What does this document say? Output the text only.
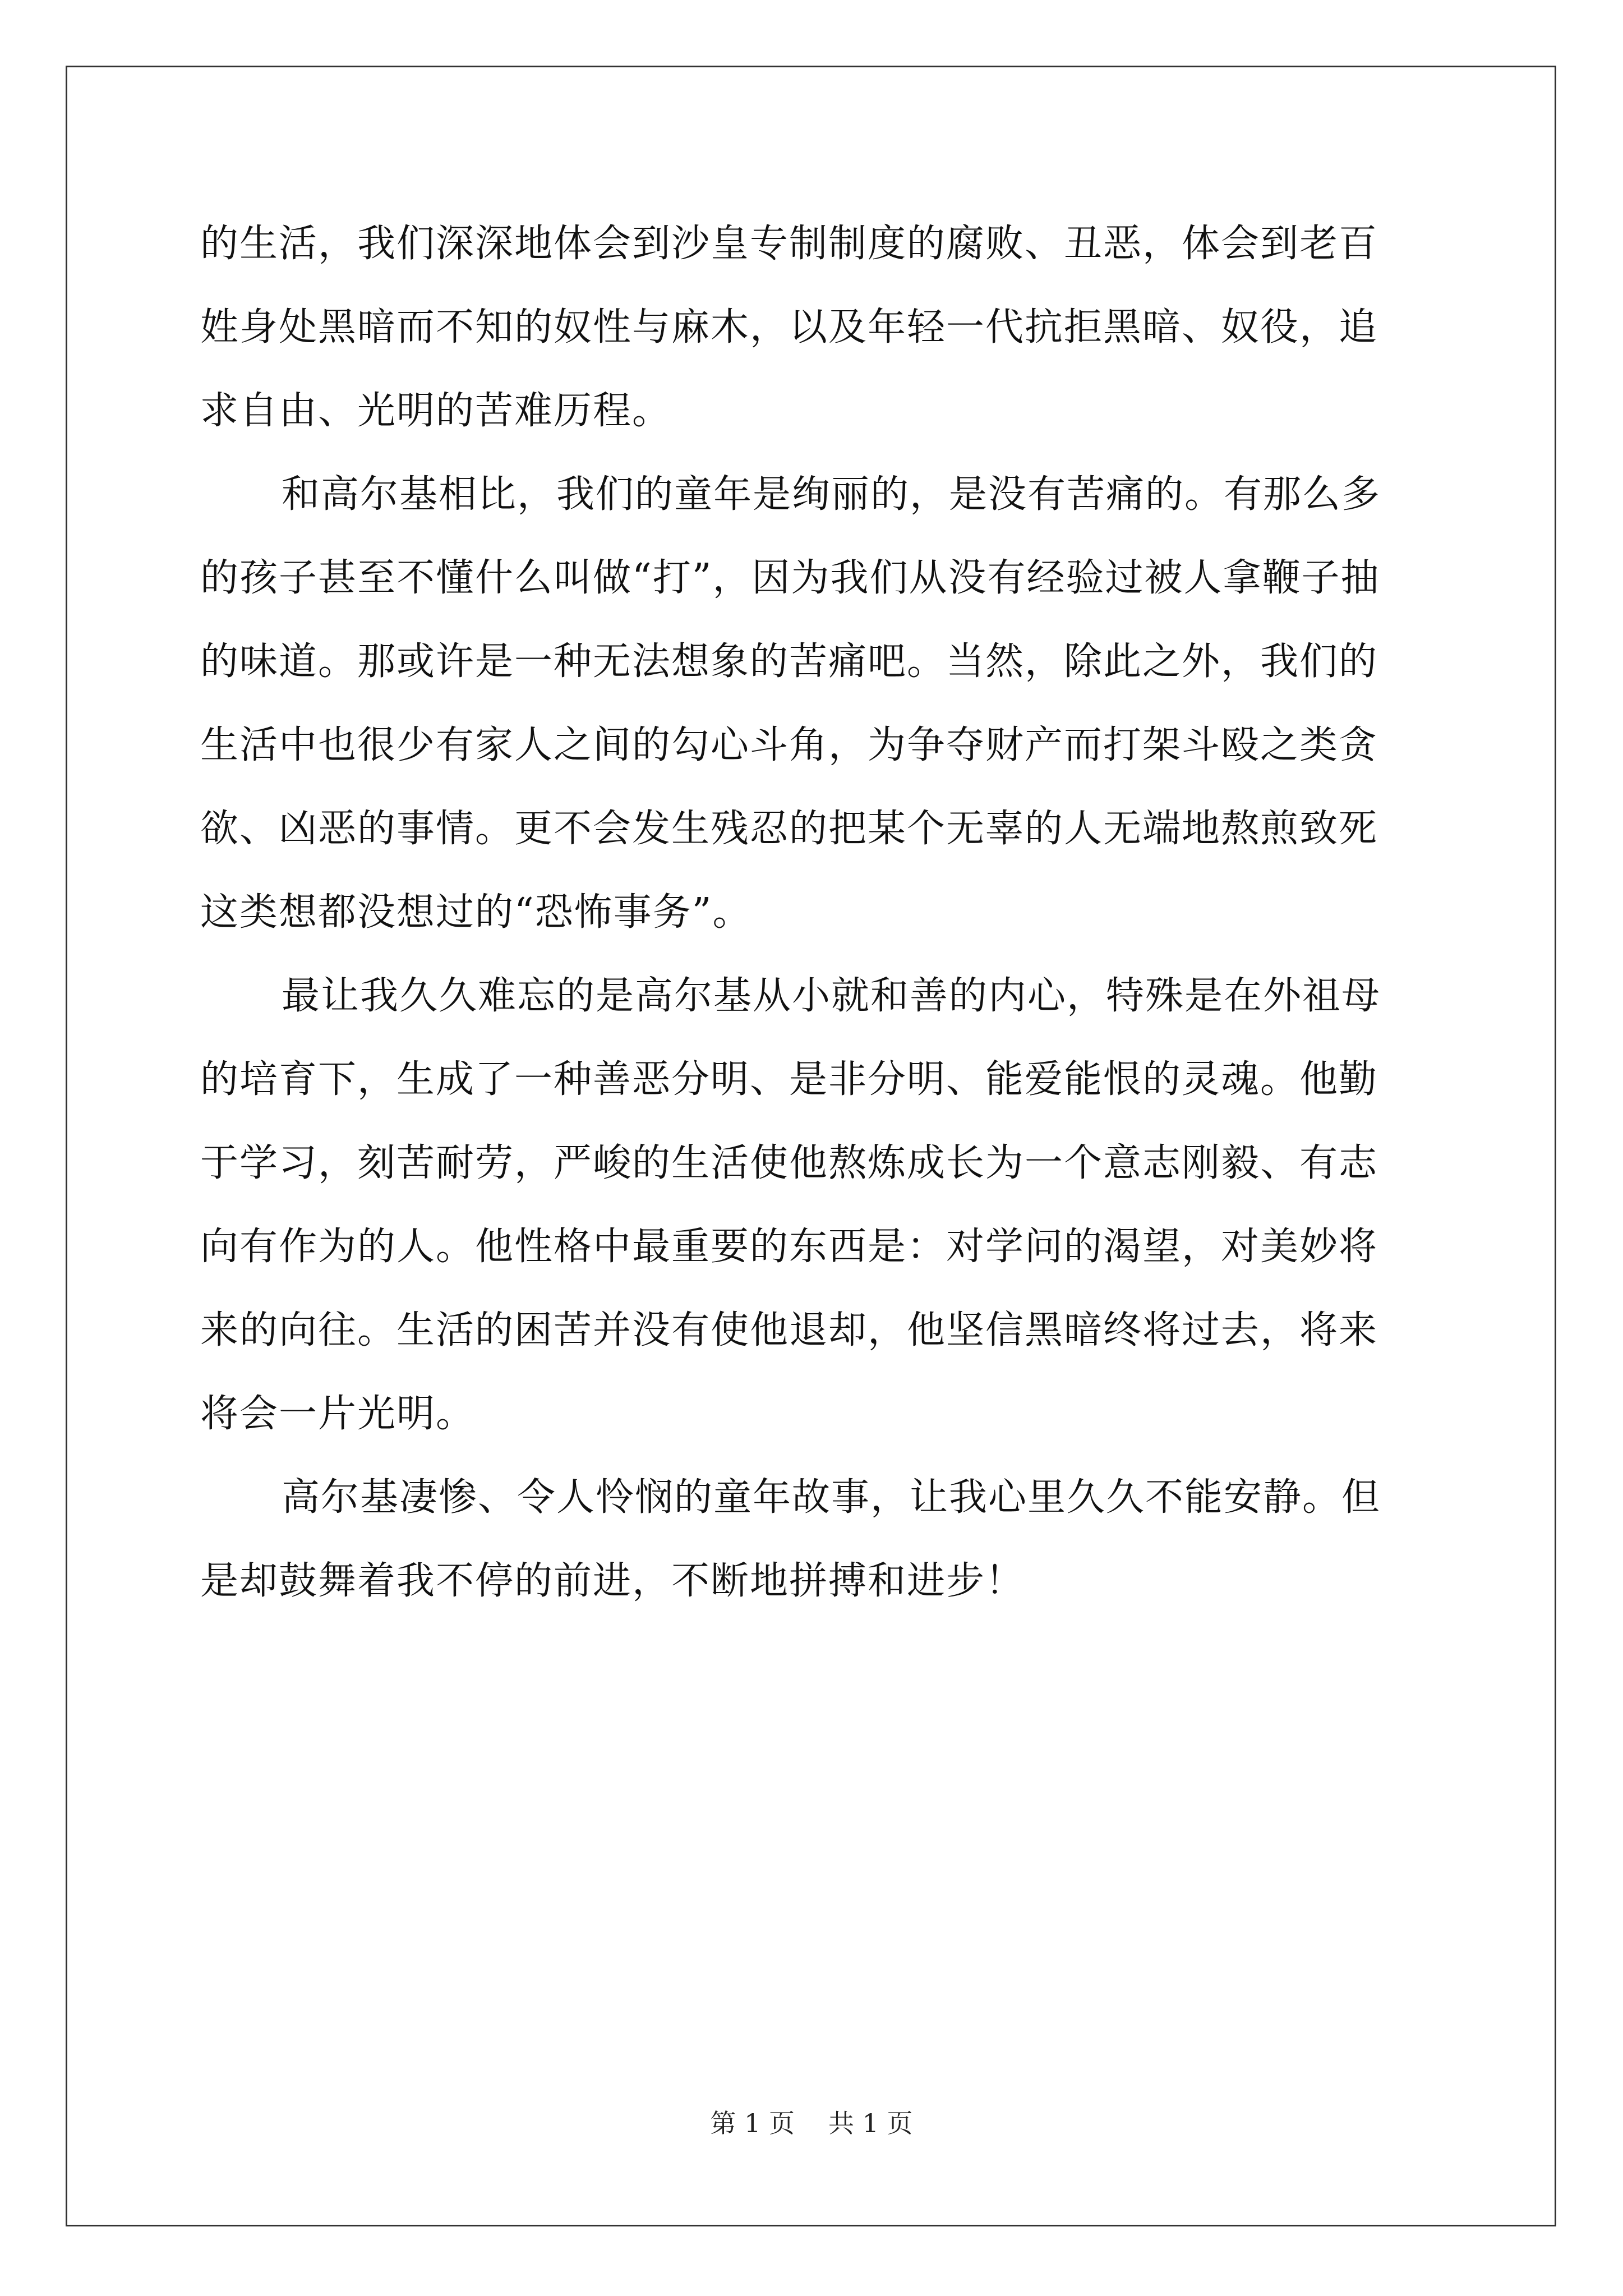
的生活，我们深深地体会到沙皇专制制度的腐败、丑恶，体会到老百
姓身处黑暗而不知的奴性与麻木，以及年轻一代抗拒黑暗、奴役，追
求自由、光明的苦难历程。

和高尔基相比，我们的童年是绚丽的，是没有苦痛的。有那么多
的孩子甚至不懂什么叫做“打”，因为我们从没有经验过被人拿鞭子抽
的味道。那或许是一种无法想象的苦痛吧。当然，除此之外，我们的
生活中也很少有家人之间的勾心斗角，为争夺财产而打架斗殴之类贪
欲、凶恶的事情。更不会发生残忍的把某个无辜的人无端地熬煎致死
这类想都没想过的“恐怖事务”。

最让我久久难忘的是高尔基从小就和善的内心，特殊是在外祖母
的培育下，生成了一种善恶分明、是非分明、能爱能恨的灵魂。他勤
于学习，刻苦耐劳，严峻的生活使他熬炼成长为一个意志刚毅、有志
向有作为的人。他性格中最重要的东西是：对学问的渴望，对美妙将
来的向往。生活的困苦并没有使他退却，他坚信黑暗终将过去，将来
将会一片光明。

高尔基凄惨、令人怜悯的童年故事，让我心里久久不能安静。但
是却鼓舞着我不停的前进，不断地拼搏和进步！

第 1 页 共 1 页
